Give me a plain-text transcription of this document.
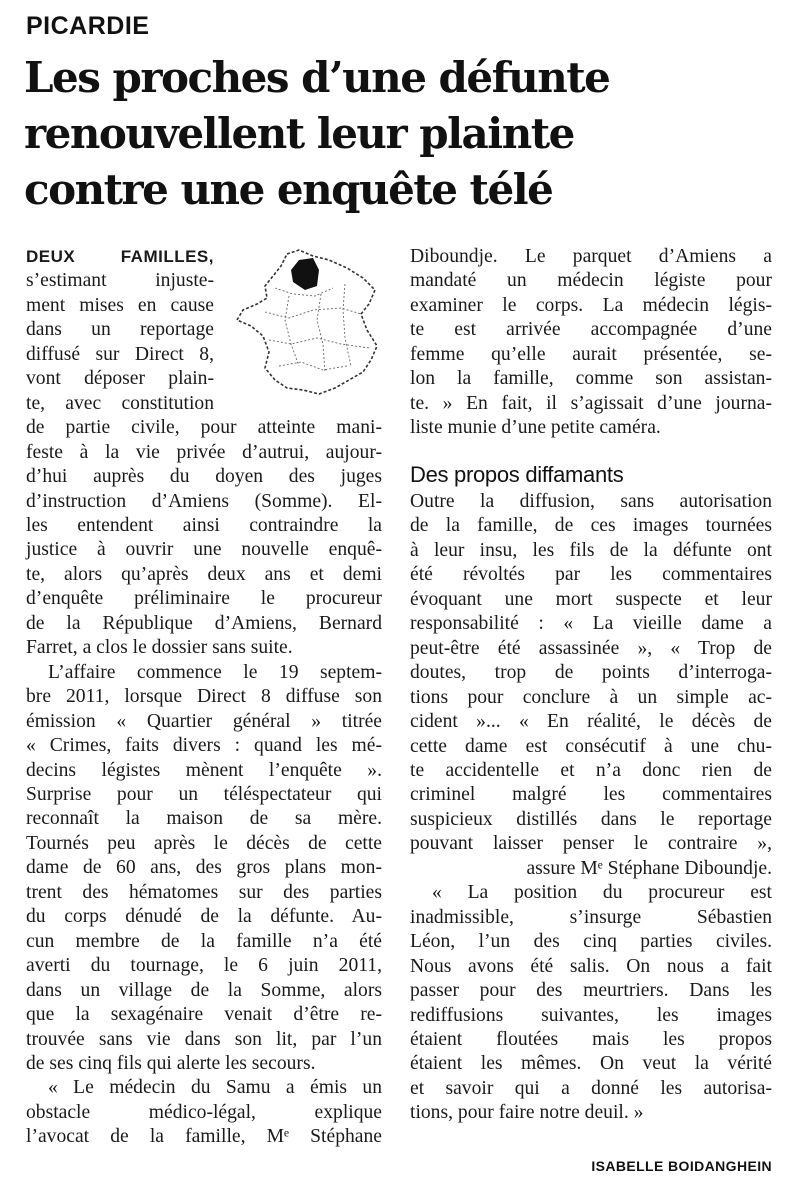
PICARDIE
Les proches d’une défunte
renouvellent leur plainte
contre une enquête télé
DEUX FAMILLES,
s’estimant injuste-
ment mises en cause
dans un reportage
diffusé sur Direct 8,
vont déposer plain-
te, avec constitution
de partie civile, pour atteinte mani-
feste à la vie privée d’autrui, aujour-
d’hui auprès du doyen des juges
d’instruction d’Amiens (Somme). El-
les entendent ainsi contraindre la
justice à ouvrir une nouvelle enquê-
te, alors qu’après deux ans et demi
d’enquête préliminaire le procureur
de la République d’Amiens, Bernard
Farret, a clos le dossier sans suite.
L’affaire commence le 19 septem-
bre 2011, lorsque Direct 8 diffuse son
émission « Quartier général » titrée
« Crimes, faits divers : quand les mé-
decins légistes mènent l’enquête ».
Surprise pour un téléspectateur qui
reconnaît la maison de sa mère.
Tournés peu après le décès de cette
dame de 60 ans, des gros plans mon-
trent des hématomes sur des parties
du corps dénudé de la défunte. Au-
cun membre de la famille n’a été
averti du tournage, le 6 juin 2011,
dans un village de la Somme, alors
que la sexagénaire venait d’être re-
trouvée sans vie dans son lit, par l’un
de ses cinq fils qui alerte les secours.
« Le médecin du Samu a émis un
obstacle médico-légal, explique
l’avocat de la famille, Mᵉ Stéphane
Diboundje. Le parquet d’Amiens a
mandaté un médecin légiste pour
examiner le corps. La médecin légis-
te est arrivée accompagnée d’une
femme qu’elle aurait présentée, se-
lon la famille, comme son assistan-
te. » En fait, il s’agissait d’une journa-
liste munie d’une petite caméra.
Des propos diffamants
Outre la diffusion, sans autorisation
de la famille, de ces images tournées
à leur insu, les fils de la défunte ont
été révoltés par les commentaires
évoquant une mort suspecte et leur
responsabilité : « La vieille dame a
peut-être été assassinée », « Trop de
doutes, trop de points d’interroga-
tions pour conclure à un simple ac-
cident »... « En réalité, le décès de
cette dame est consécutif à une chu-
te accidentelle et n’a donc rien de
criminel malgré les commentaires
suspicieux distillés dans le reportage
pouvant laisser penser le contraire »,
assure Mᵉ Stéphane Diboundje.
« La position du procureur est
inadmissible, s’insurge Sébastien
Léon, l’un des cinq parties civiles.
Nous avons été salis. On nous a fait
passer pour des meurtriers. Dans les
rediffusions suivantes, les images
étaient floutées mais les propos
étaient les mêmes. On veut la vérité
et savoir qui a donné les autorisa-
tions, pour faire notre deuil. »
ISABELLE BOIDANGHEIN
